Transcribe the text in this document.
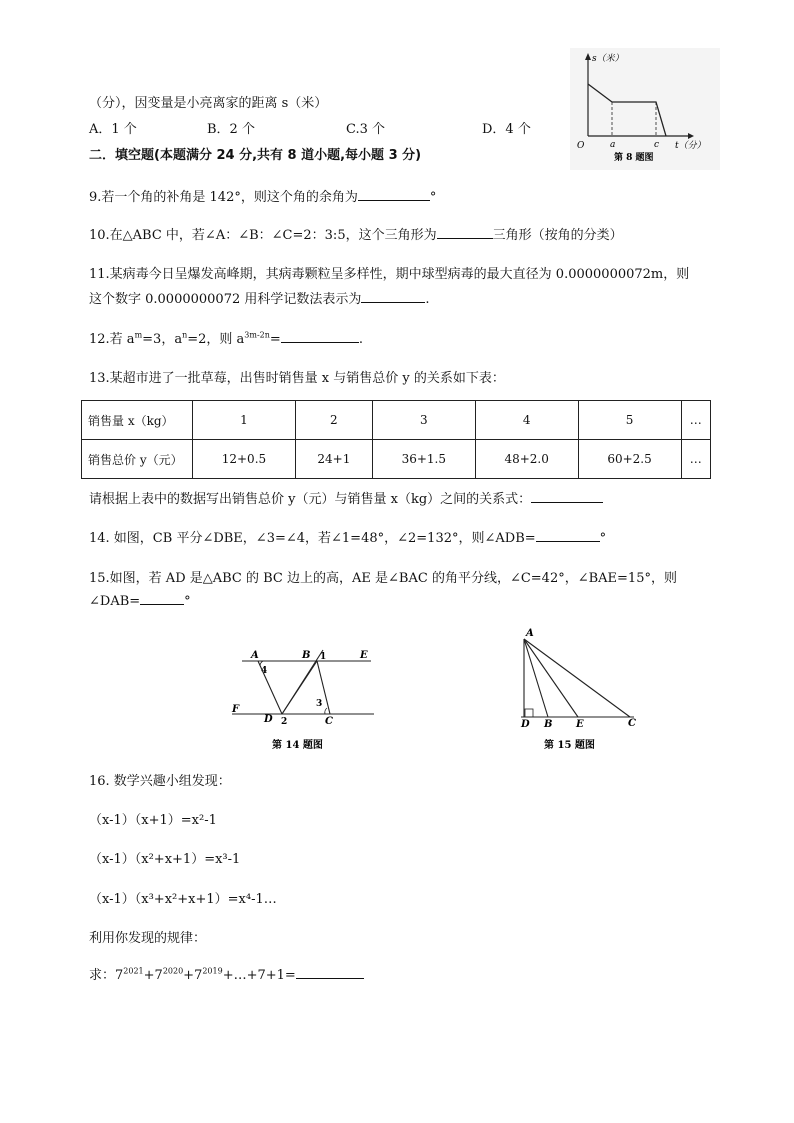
（分），因变量是小亮离家的距离 s（米）
A．1 个	B．2 个	C.3 个	D．4 个
s（米）
t（分）
O	a	c
第 8 题图
二．填空题(本题满分 24 分,共有 8 道小题,每小题 3 分)
9.若一个角的补角是 142°，则这个角的余角为	°
10.在△ABC 中，若∠A：∠B：∠C=2：3:5，这个三角形为	三角形（按角的分类）
11.某病毒今日呈爆发高峰期，其病毒颗粒呈多样性，期中球型病毒的最大直径为 0.0000000072m，则
这个数字 0.0000000072 用科学记数法表示为	.
12.若 $a^m=3$，$a^n=2$，则 $a^{3m-2n}=$	.
13.某超市进了一批草莓，出售时销售量 x 与销售总价 y 的关系如下表：
销售量 x（kg）	1	2	3	4	5	…
销售总价 y（元）	12+0.5	24+1	36+1.5	48+2.0	60+2.5	…
请根据上表中的数据写出销售总价 y（元）与销售量 x（kg）之间的关系式：
14. 如图，CB 平分∠DBE，∠3=∠4，若∠1=48°，∠2=132°，则∠ADB=	°
15.如图，若 AD 是△ABC 的 BC 边上的高，AE 是∠BAC 的角平分线，∠C=42°，∠BAE=15°，则
∠DAB=	°
A	B 1	E
4
3
F
D 2	C
第 14 题图
A
D B E	C
第 15 题图
16. 数学兴趣小组发现：
（x-1）（x+1）=x²-1
（x-1）（x²+x+1）=x³-1
（x-1）（x³+x²+x+1）=x⁴-1…
利用你发现的规律：
求：$7^{2021}+7^{2020}+7^{2019}+\dots+7+1=$
